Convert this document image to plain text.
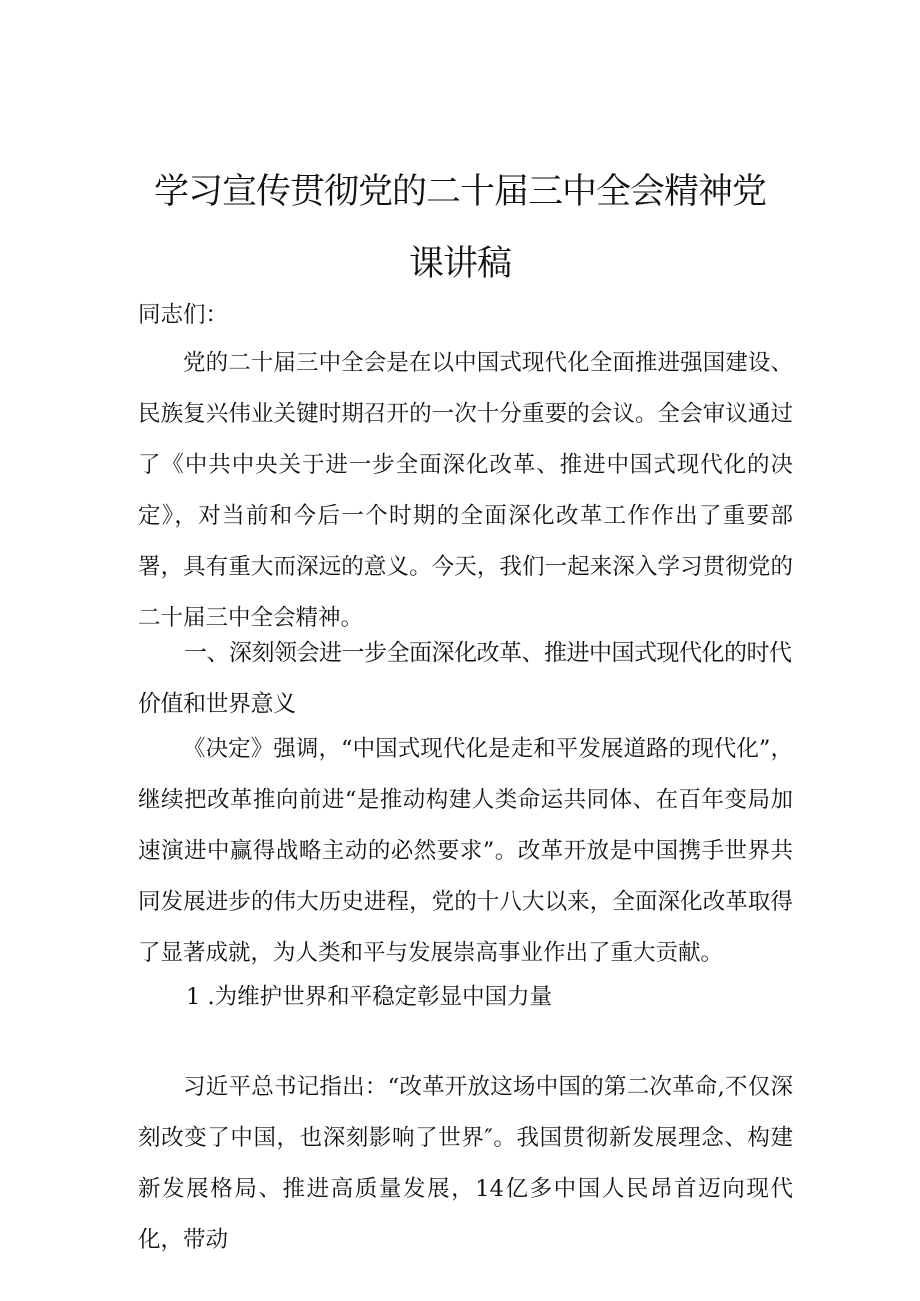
学习宣传贯彻党的二十届三中全会精神党
课讲稿
同志们：
党的二十届三中全会是在以中国式现代化全面推进强国建设、民族复兴伟业关键时期召开的一次十分重要的会议。全会审议通过了《中共中央关于进一步全面深化改革、推进中国式现代化的决定》，对当前和今后一个时期的全面深化改革工作作出了重要部署，具有重大而深远的意义。今天，我们一起来深入学习贯彻党的二十届三中全会精神。
一、深刻领会进一步全面深化改革、推进中国式现代化的时代价值和世界意义
《决定》强调，“中国式现代化是走和平发展道路的现代化”，继续把改革推向前进“是推动构建人类命运共同体、在百年变局加速演进中赢得战略主动的必然要求”。改革开放是中国携手世界共同发展进步的伟大历史进程，党的十八大以来，全面深化改革取得了显著成就，为人类和平与发展崇高事业作出了重大贡献。
1 .为维护世界和平稳定彰显中国力量
习近平总书记指出：“改革开放这场中国的第二次革命,不仅深刻改变了中国，也深刻影响了世界″。我国贯彻新发展理念、构建新发展格局、推进高质量发展，14亿多中国人民昂首迈向现代化，带动
